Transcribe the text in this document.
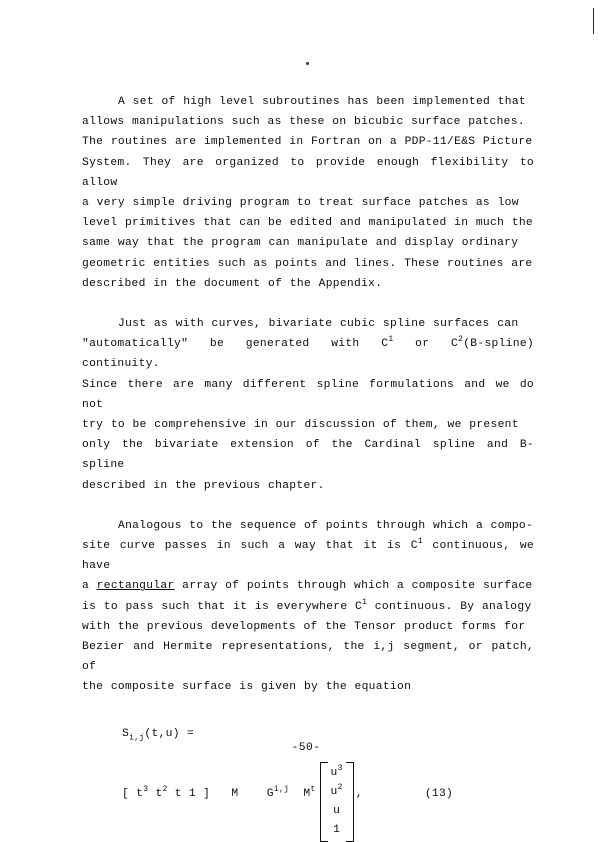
A set of high level subroutines has been implemented that
allows manipulations such as these on bicubic surface patches.
The routines are implemented in Fortran on a PDP-11/E&S Picture
System. They are organized to provide enough flexibility to allow
a very simple driving program to treat surface patches as low
level primitives that can be edited and manipulated in much the
same way that the program can manipulate and display ordinary
geometric entities such as points and lines. These routines are
described in the document of the Appendix.

Just as with curves, bivariate cubic spline surfaces can
"automatically" be generated with $C^1$ or $C^2(B-spline)$ continuity.
Since there are many different spline formulations and we do not
try to be comprehensive in our discussion of them, we present
only the bivariate extension of the Cardinal spline and B-spline
described in the previous chapter.

Analogous to the sequence of points through which a compo-
site curve passes in such a way that it is $C^1$ continuous, we have
a rectangular array of points through which a composite surface
is to pass such that it is everywhere $C^1$ continuous. By analogy
with the previous developments of the Tensor product forms for
Bezier and Hermite representations, the i,j segment, or patch, of
the composite surface is given by the equation

$S_{i,j}(t,u)$ =
[ $t^3$ $t^2$ t 1 ]   M    G$^{i,j}$  $M^t$
$u^3$
$u^2$
u
1
,	(13)
-50-
